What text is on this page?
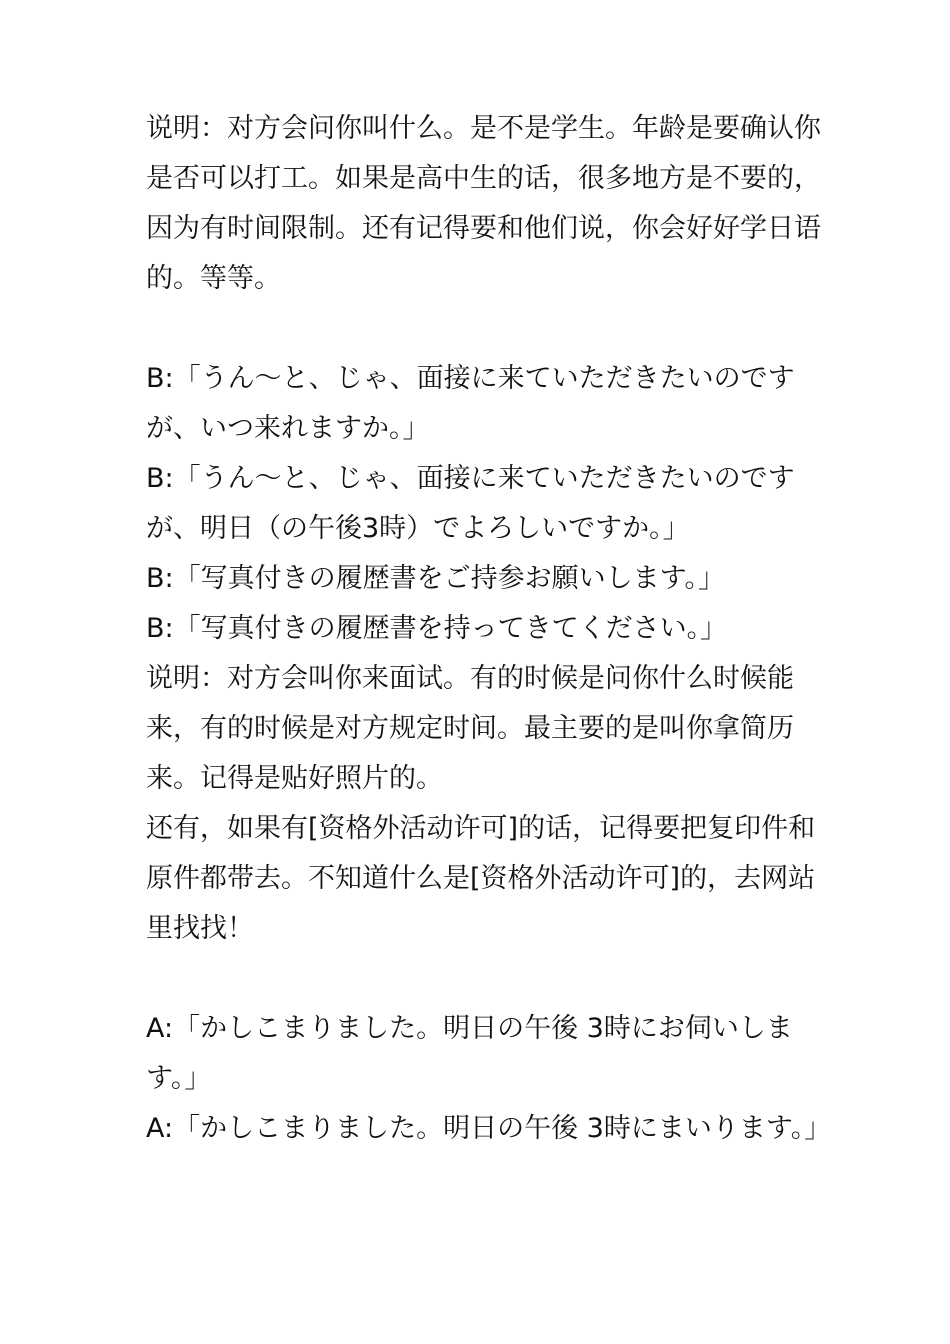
说明：对方会问你叫什么。是不是学生。年龄是要确认你是否可以打工。如果是高中生的话，很多地方是不要的，因为有时间限制。还有记得要和他们说，你会好好学日语的。等等。

B:「うん～と、じゃ、面接に来ていただきたいのですが、いつ来れますか。」

B:「うん～と、じゃ、面接に来ていただきたいのですが、明日（の午後3時）でよろしいですか。」

B:「写真付きの履歴書をご持参お願いします。」

B:「写真付きの履歴書を持ってきてください。」

说明：对方会叫你来面试。有的时候是问你什么时候能来，有的时候是对方规定时间。最主要的是叫你拿简历来。记得是贴好照片的。

还有，如果有[资格外活动许可]的话，记得要把复印件和原件都带去。不知道什么是[资格外活动许可]的，去网站里找找！

A:「かしこまりました。明日の午後 3時にお伺いします。」

A:「かしこまりました。明日の午後 3時にまいります。」
